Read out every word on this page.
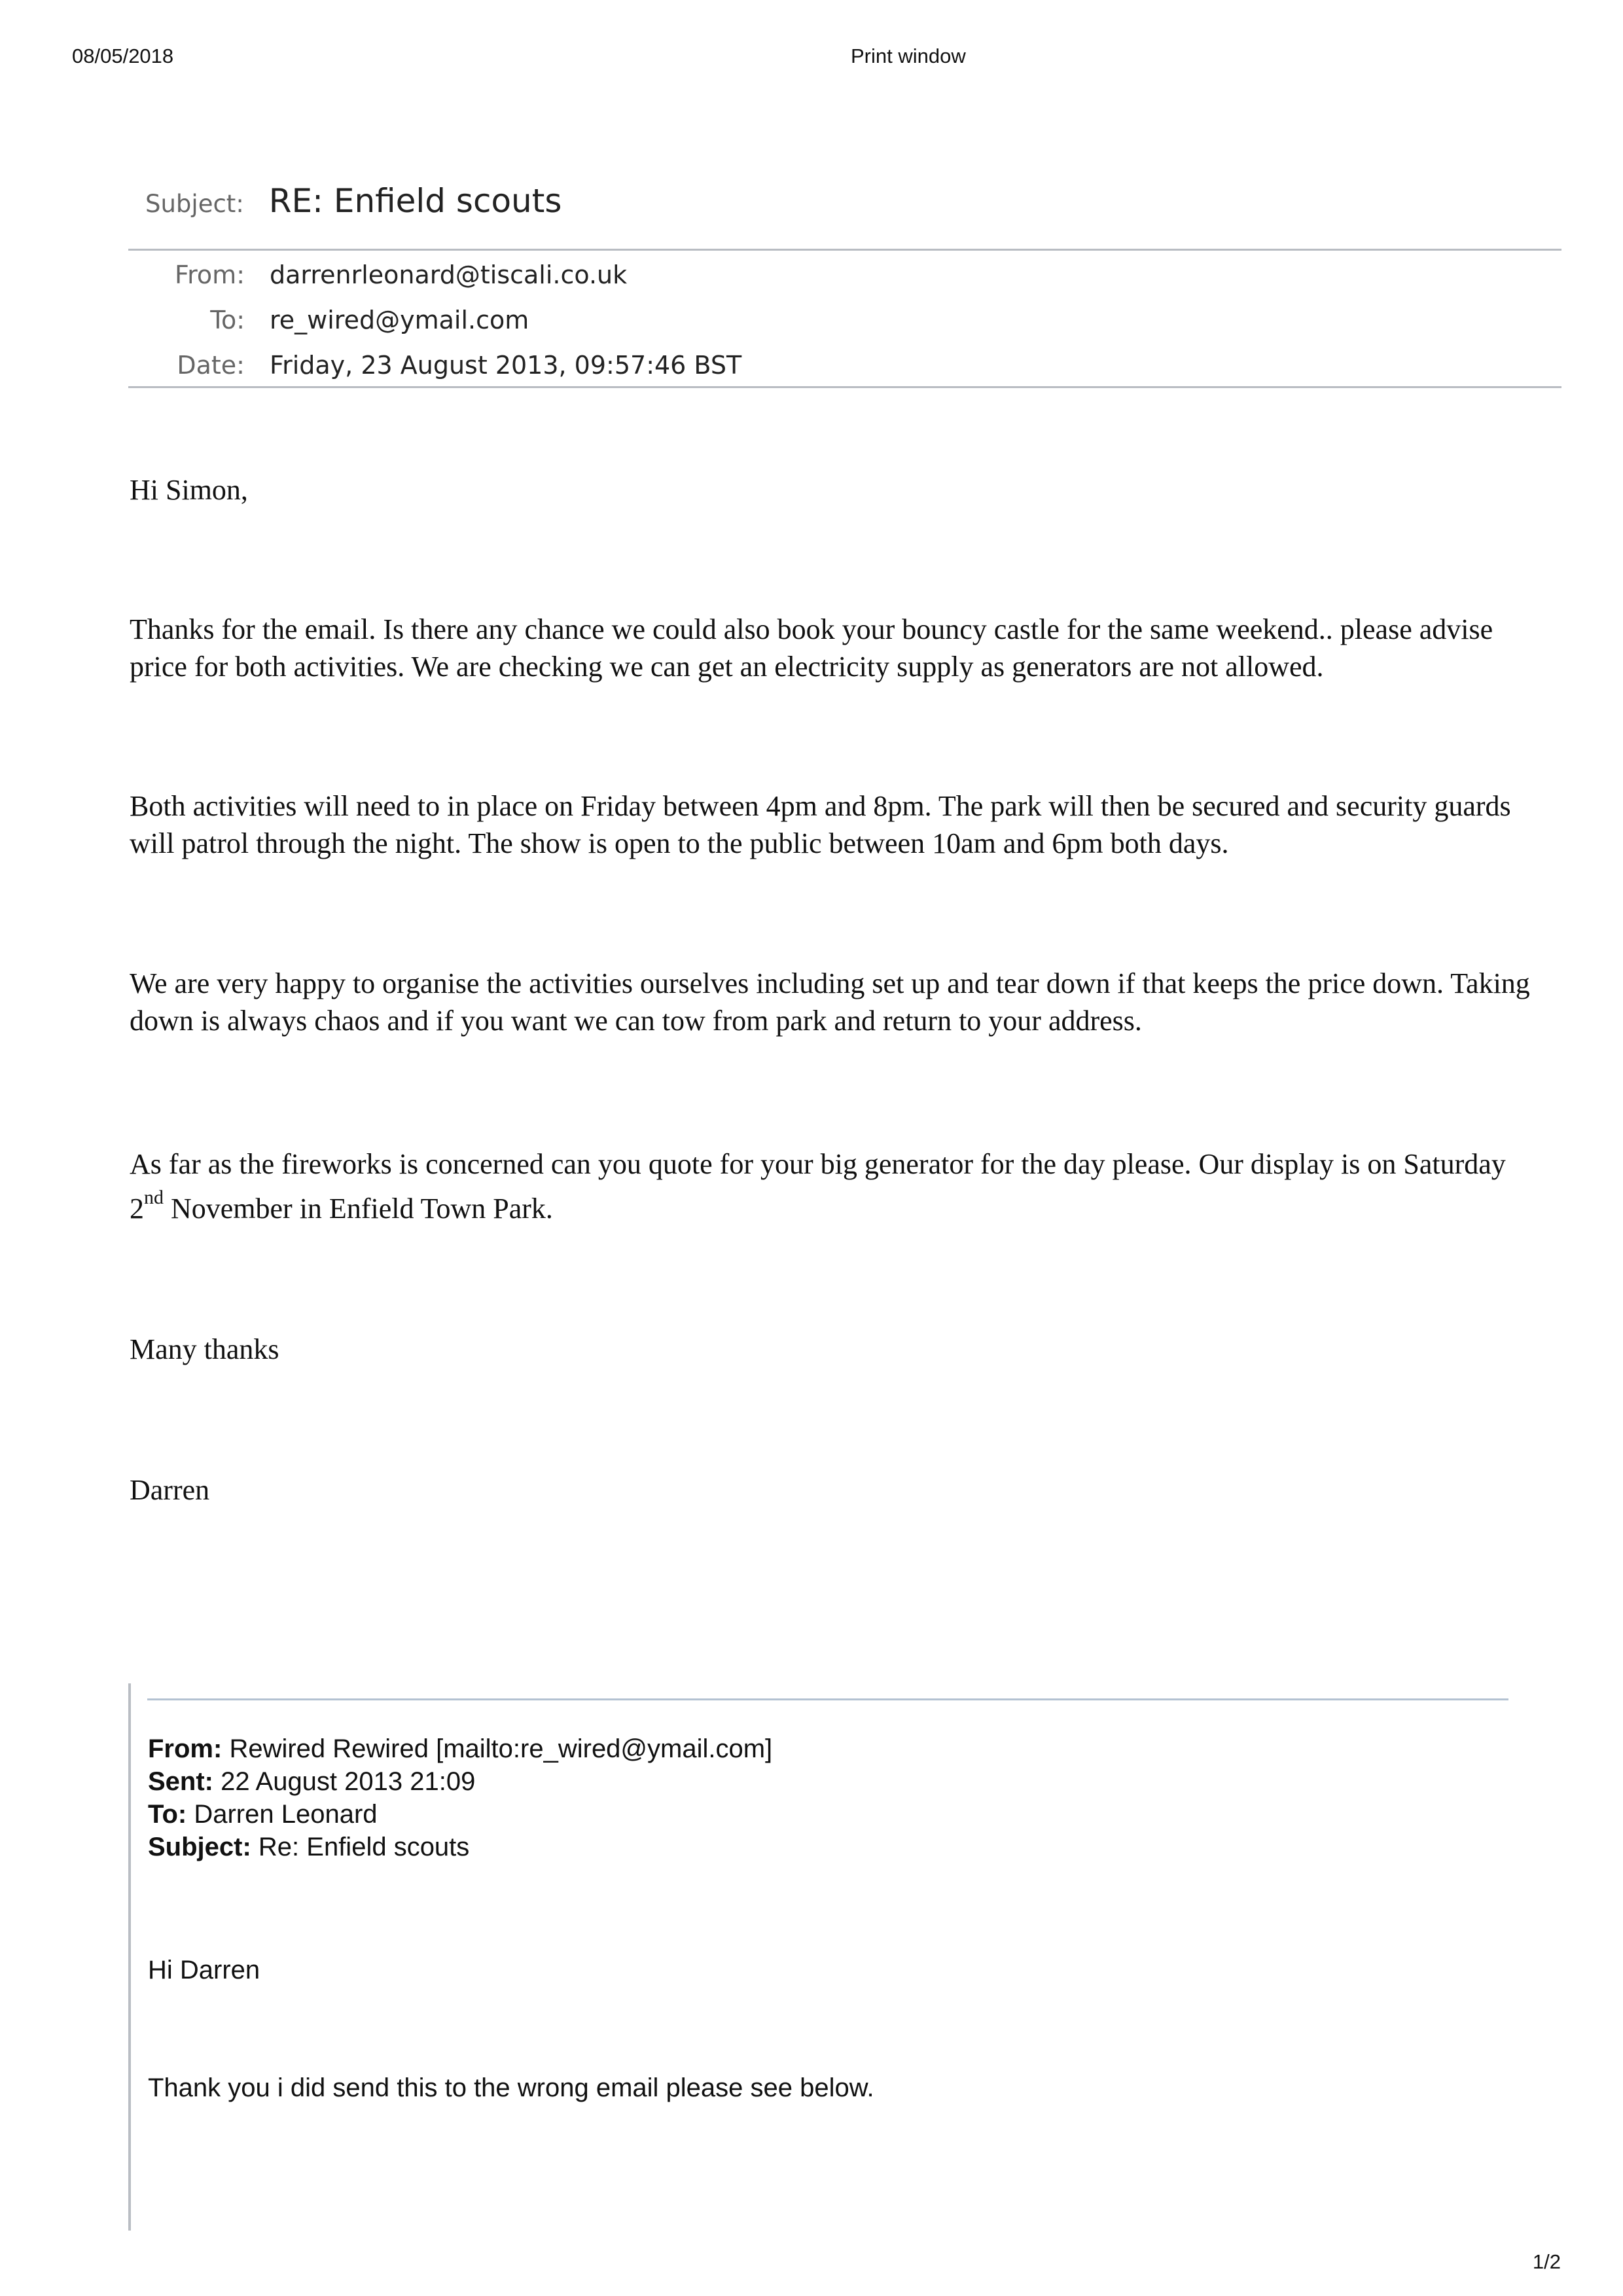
08/05/2018	Print window
Subject: RE: Enfield scouts
From: darrenrleonard@tiscali.co.uk
To: re_wired@ymail.com
Date: Friday, 23 August 2013, 09:57:46 BST
Hi Simon,
Thanks for the email. Is there any chance we could also book your bouncy castle for the same weekend.. please advise price for both activities. We are checking we can get an electricity supply as generators are not allowed.
Both activities will need to in place on Friday between 4pm and 8pm. The park will then be secured and security guards will patrol through the night. The show is open to the public between 10am and 6pm both days.
We are very happy to organise the activities ourselves including set up and tear down if that keeps the price down. Taking down is always chaos and if you want we can tow from park and return to your address.
As far as the fireworks is concerned can you quote for your big generator for the day please. Our display is on Saturday 2nd November in Enfield Town Park.
Many thanks
Darren
From: Rewired Rewired [mailto:re_wired@ymail.com]
Sent: 22 August 2013 21:09
To: Darren Leonard
Subject: Re: Enfield scouts
Hi Darren
Thank you i did send this to the wrong email please see below.
1/2
